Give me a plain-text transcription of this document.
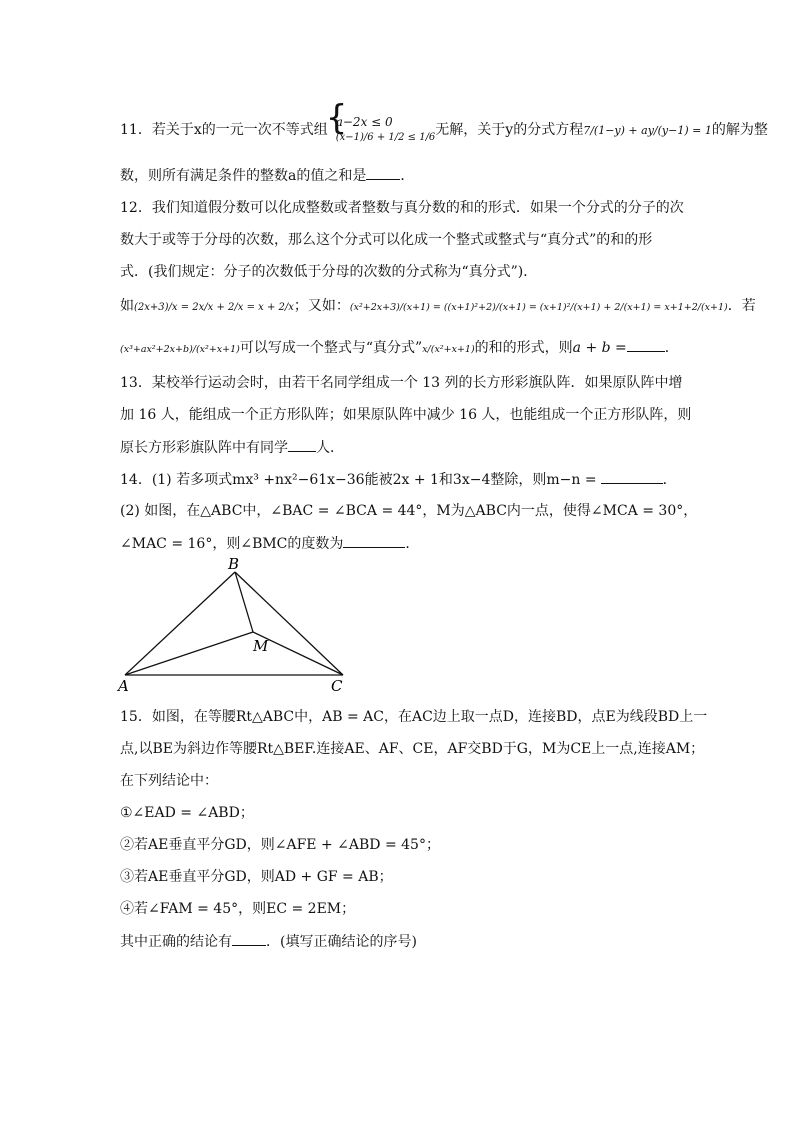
11．若关于x的一元一次不等式组
{ a−2x ≤ 0
(x−1)/6 + 1/2 ≤ 1/6 无解，关于y的分式方程7/(1−y) + ay/(y−1) = 1的解为整
数，则所有满足条件的整数a的值之和是 ．
12．我们知道假分数可以化成整数或者整数与真分数的和的形式．如果一个分式的分子的次
数大于或等于分母的次数，那么这个分式可以化成一个整式或整式与“真分式”的和的形
式．(我们规定：分子的次数低于分母的次数的分式称为“真分式”)．
如(2x+3)/x = 2x/x + 2/x = x + 2/x；又如：(x²+2x+3)/(x+1) = ((x+1)²+2)/(x+1) = (x+1)²/(x+1) + 2/(x+1) = x+1+2/(x+1)．若
(x³+ax²+2x+b)/(x²+x+1)可以写成一个整式与“真分式”x/(x²+x+1)的和的形式，则a + b =	．
13．某校举行运动会时，由若干名同学组成一个 13 列的长方形彩旗队阵．如果原队阵中增
加 16 人，能组成一个正方形队阵；如果原队阵中减少 16 人，也能组成一个正方形队阵，则
原长方形彩旗队阵中有同学 人．
14．(1) 若多项式mx³ +nx²−61x−36能被2x + 1和3x−4整除，则m−n =	．
(2) 如图，在△ABC中，∠BAC = ∠BCA = 44°，M为△ABC内一点，使得∠MCA = 30°，
∠MAC = 16°，则∠BMC的度数为	．
B
M
A	C
15．如图，在等腰Rt△ABC中，AB = AC，在AC边上取一点D，连接BD，点E为线段BD上一
点,以BE为斜边作等腰Rt△BEF.连接AE、AF、CE，AF交BD于G，M为CE上一点,连接AM；
在下列结论中：
①∠EAD = ∠ABD；
②若AE垂直平分GD，则∠AFE + ∠ABD = 45°；
③若AE垂直平分GD，则AD + GF = AB；
④若∠FAM = 45°，则EC = 2EM；
其中正确的结论有 ．(填写正确结论的序号)
